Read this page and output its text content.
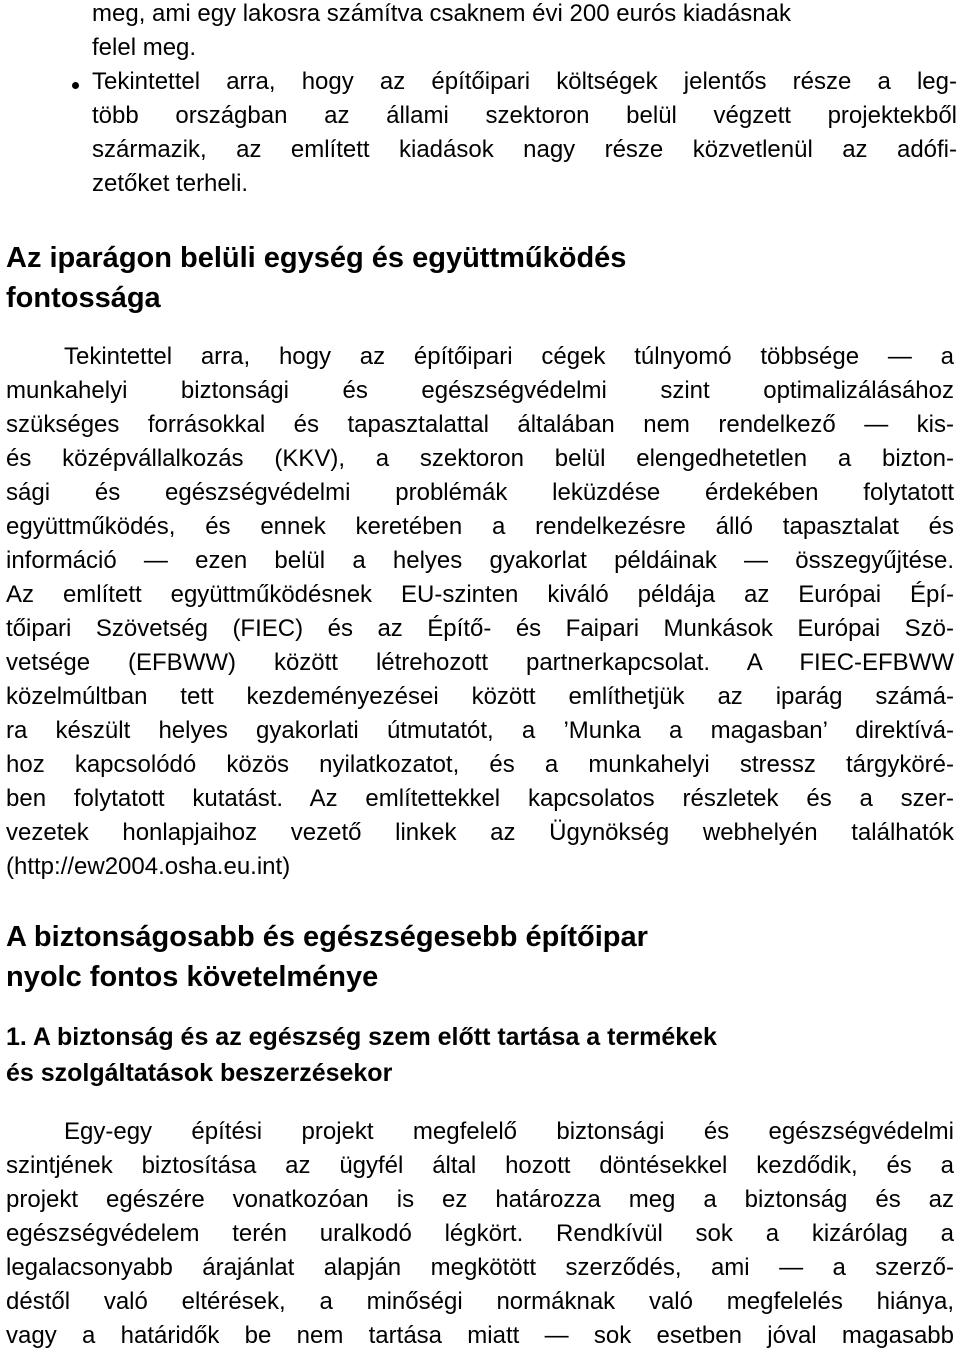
meg, ami egy lakosra számítva csaknem évi 200 eurós kiadásnak
felel meg.
Tekintettel arra, hogy az építőipari költségek jelentős része a leg-
több országban az állami szektoron belül végzett projektekből
származik, az említett kiadások nagy része közvetlenül az adófi-
zetőket terheli.
Az iparágon belüli egység és együttműködés
fontossága
Tekintettel arra, hogy az építőipari cégek túlnyomó többsége — a
munkahelyi biztonsági és egészségvédelmi szint optimalizálásához
szükséges forrásokkal és tapasztalattal általában nem rendelkező — kis-
és középvállalkozás (KKV), a szektoron belül elengedhetetlen a bizton-
sági és egészségvédelmi problémák leküzdése érdekében folytatott
együttműködés, és ennek keretében a rendelkezésre álló tapasztalat és
információ — ezen belül a helyes gyakorlat példáinak — összegyűjtése.
Az említett együttműködésnek EU-szinten kiváló példája az Európai Épí-
tőipari Szövetség (FIEC) és az Építő- és Faipari Munkások Európai Szö-
vetsége (EFBWW) között létrehozott partnerkapcsolat. A FIEC-EFBWW
közelmúltban tett kezdeményezései között említhetjük az iparág számá-
ra készült helyes gyakorlati útmutatót, a ’Munka a magasban’ direktívá-
hoz kapcsolódó közös nyilatkozatot, és a munkahelyi stressz tárgyköré-
ben folytatott kutatást. Az említettekkel kapcsolatos részletek és a szer-
vezetek honlapjaihoz vezető linkek az Ügynökség webhelyén találhatók
(http://ew2004.osha.eu.int)
A biztonságosabb és egészségesebb építőipar
nyolc fontos követelménye
1. A biztonság és az egészség szem előtt tartása a termékek
és szolgáltatások beszerzésekor
Egy-egy építési projekt megfelelő biztonsági és egészségvédelmi
szintjének biztosítása az ügyfél által hozott döntésekkel kezdődik, és a
projekt egészére vonatkozóan is ez határozza meg a biztonság és az
egészségvédelem terén uralkodó légkört. Rendkívül sok a kizárólag a
legalacsonyabb árajánlat alapján megkötött szerződés, ami — a szerző-
déstől való eltérések, a minőségi normáknak való megfelelés hiánya,
vagy a határidők be nem tartása miatt — sok esetben jóval magasabb
